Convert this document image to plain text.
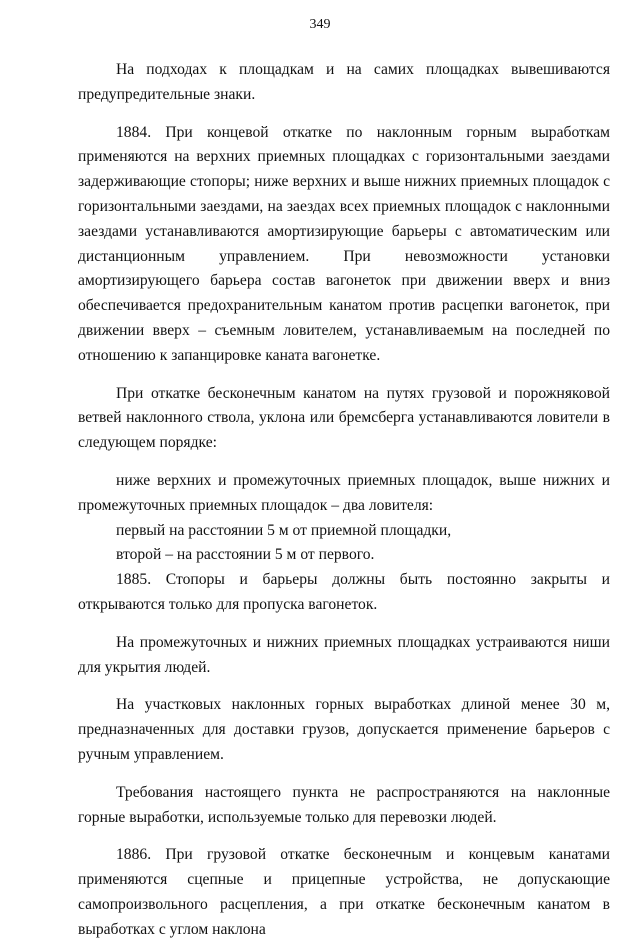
349

На подходах к площадкам и на самих площадках вывешиваются предупредительные знаки.

1884. При концевой откатке по наклонным горным выработкам применяются на верхних приемных площадках с горизонтальными заездами задерживающие стопоры; ниже верхних и выше нижних приемных площадок с горизонтальными заездами, на заездах всех приемных площадок с наклонными заездами устанавливаются амортизирующие барьеры с автоматическим или дистанционным управлением. При невозможности установки амортизирующего барьера состав вагонеток при движении вверх и вниз обеспечивается предохранительным канатом против расцепки вагонеток, при движении вверх – съемным ловителем, устанавливаемым на последней по отношению к запанцировке каната вагонетке.

При откатке бесконечным канатом на путях грузовой и порожняковой ветвей наклонного ствола, уклона или бремсберга устанавливаются ловители в следующем порядке:

ниже верхних и промежуточных приемных площадок, выше нижних и промежуточных приемных площадок – два ловителя:

первый на расстоянии 5 м от приемной площадки,

второй – на расстоянии 5 м от первого.

1885. Стопоры и барьеры должны быть постоянно закрыты и открываются только для пропуска вагонеток.

На промежуточных и нижних приемных площадках устраиваются ниши для укрытия людей.

На участковых наклонных горных выработках длиной менее 30 м, предназначенных для доставки грузов, допускается применение барьеров с ручным управлением.

Требования настоящего пункта не распространяются на наклонные горные выработки, используемые только для перевозки людей.

1886. При грузовой откатке бесконечным и концевым канатами применяются сцепные и прицепные устройства, не допускающие самопроизвольного расцепления, а при откатке бесконечным канатом в выработках с углом наклона
